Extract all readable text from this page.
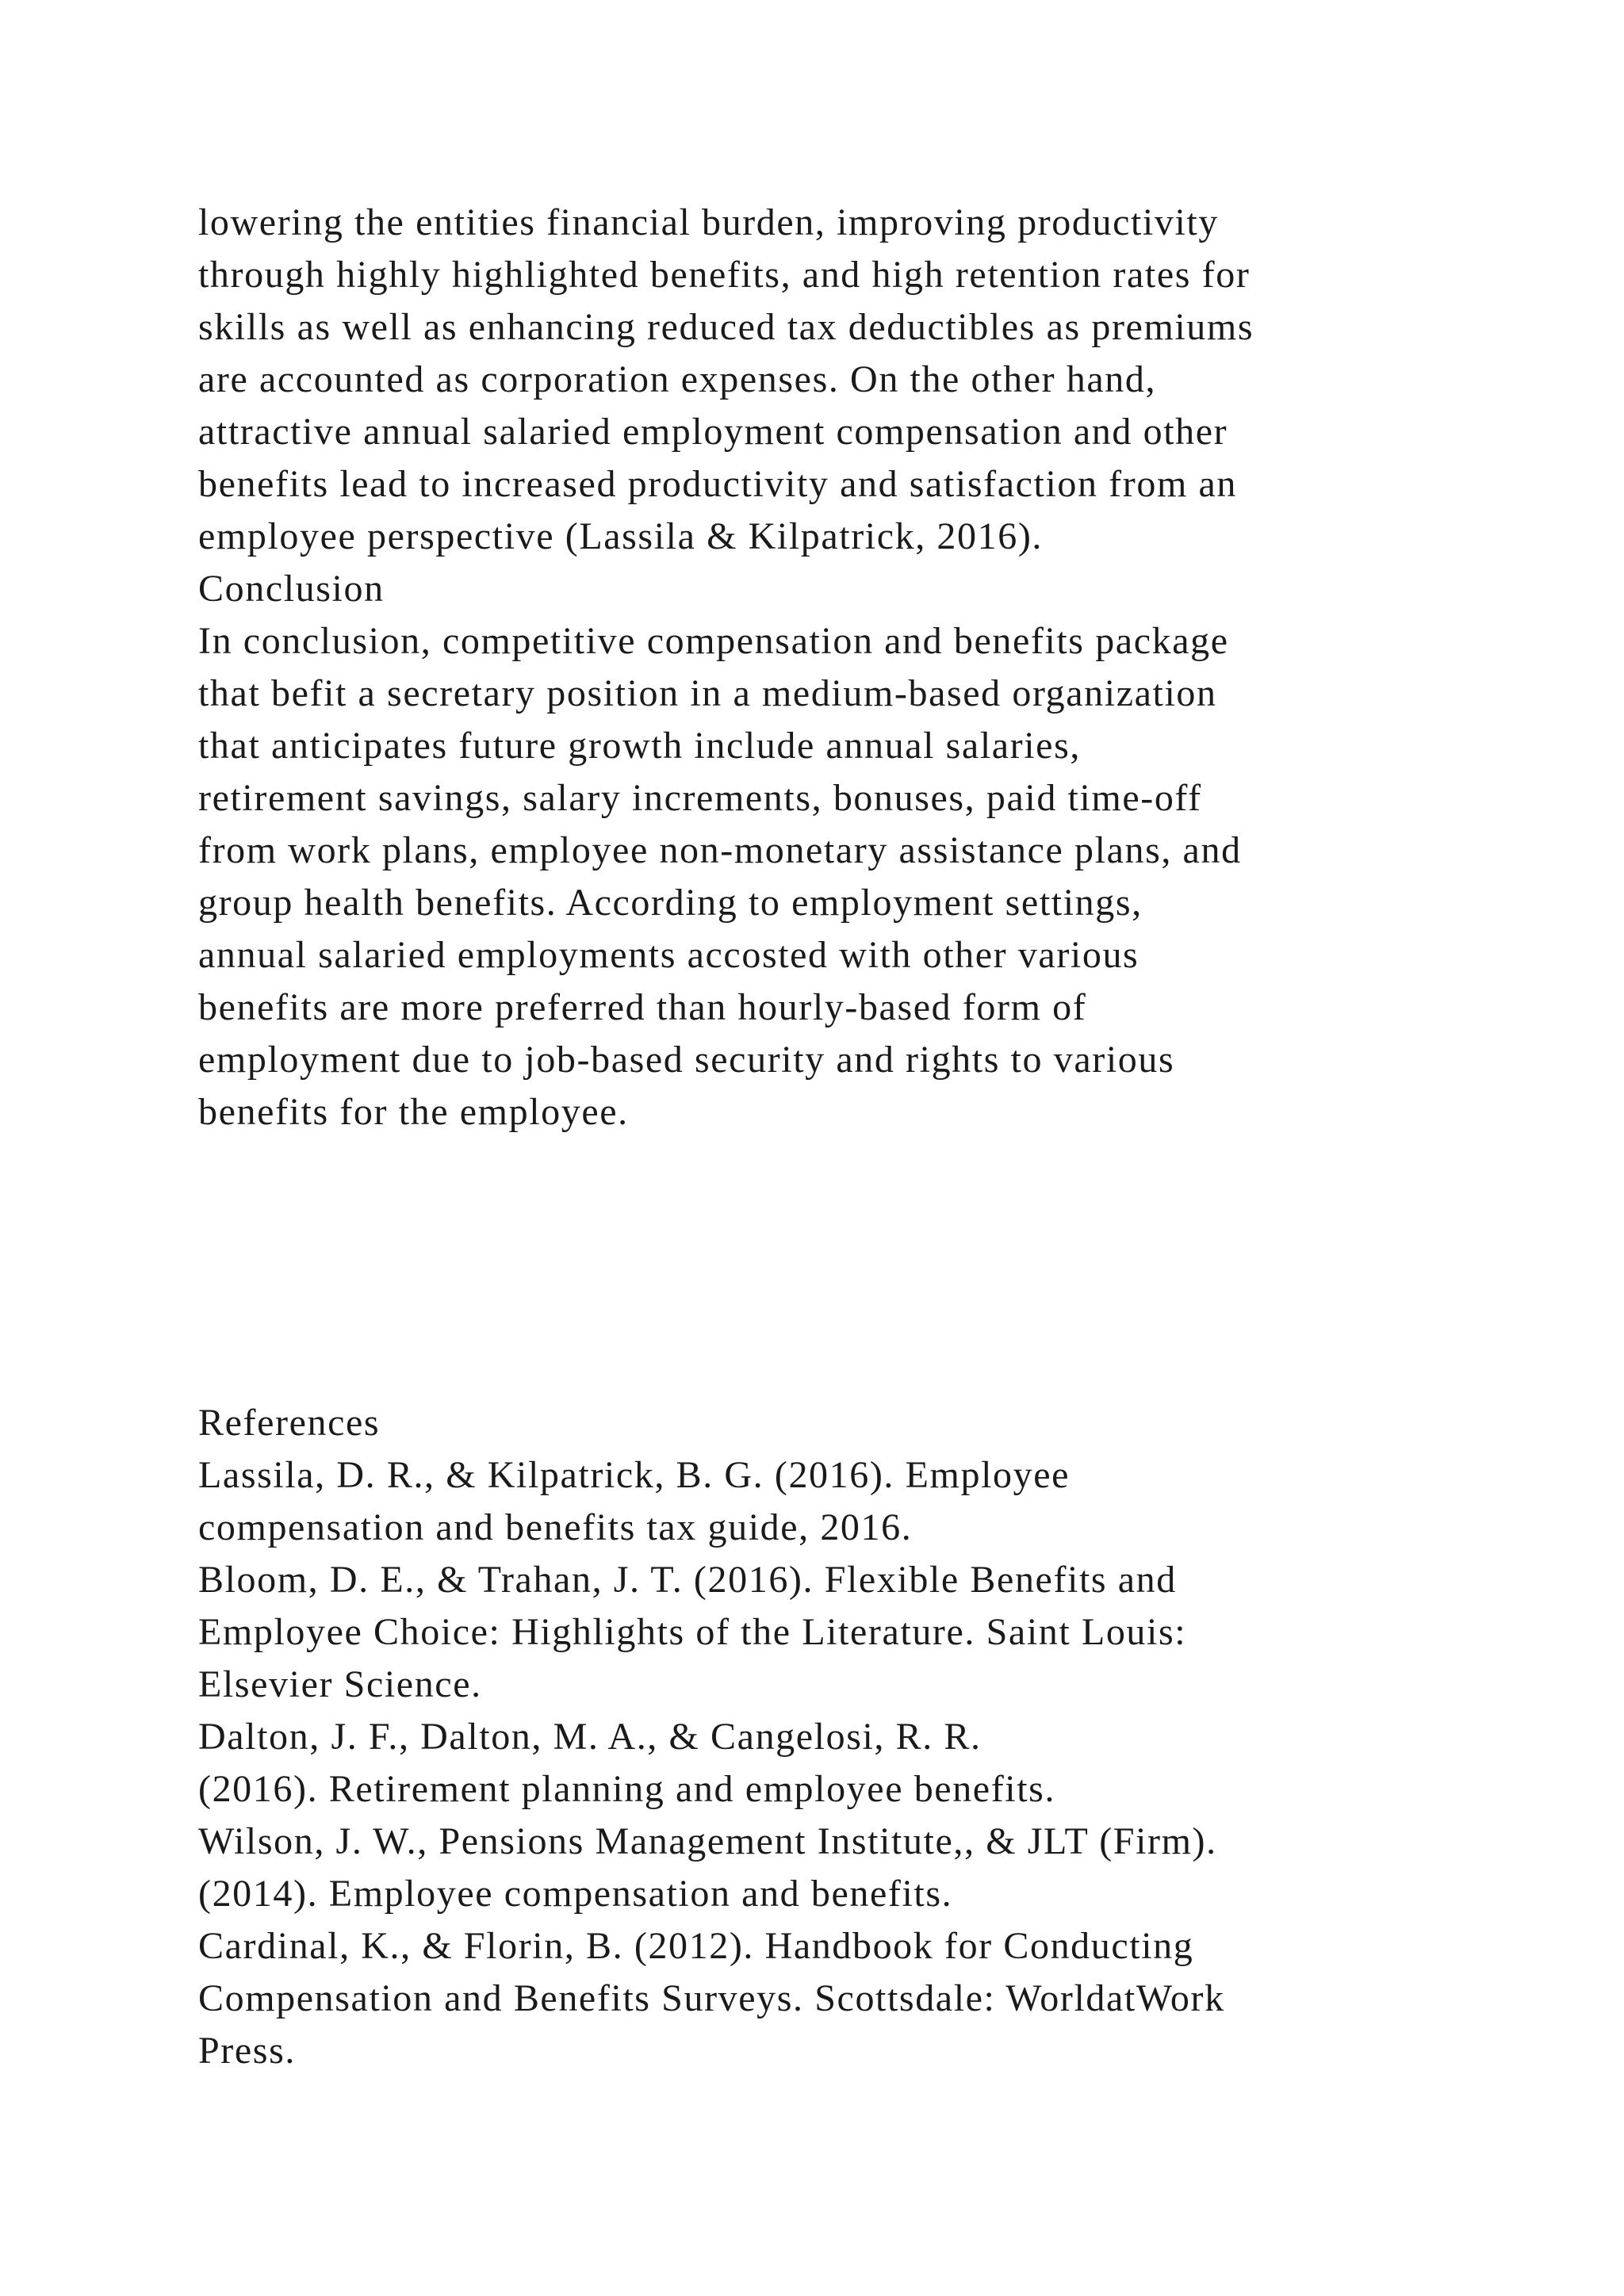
lowering the entities financial burden, improving productivity
through highly highlighted benefits, and high retention rates for
skills as well as enhancing reduced tax deductibles as premiums
are accounted as corporation expenses. On the other hand,
attractive annual salaried employment compensation and other
benefits lead to increased productivity and satisfaction from an
employee perspective (Lassila & Kilpatrick, 2016).
Conclusion
In conclusion, competitive compensation and benefits package
that befit a secretary position in a medium-based organization
that anticipates future growth include annual salaries,
retirement savings, salary increments, bonuses, paid time-off
from work plans, employee non-monetary assistance plans, and
group health benefits. According to employment settings,
annual salaried employments accosted with other various
benefits are more preferred than hourly-based form of
employment due to job-based security and rights to various
benefits for the employee.
References
Lassila, D. R., & Kilpatrick, B. G. (2016). Employee
compensation and benefits tax guide, 2016.
Bloom, D. E., & Trahan, J. T. (2016). Flexible Benefits and
Employee Choice: Highlights of the Literature. Saint Louis:
Elsevier Science.
Dalton, J. F., Dalton, M. A., & Cangelosi, R. R.
(2016). Retirement planning and employee benefits.
Wilson, J. W., Pensions Management Institute,, & JLT (Firm).
(2014). Employee compensation and benefits.
Cardinal, K., & Florin, B. (2012). Handbook for Conducting
Compensation and Benefits Surveys. Scottsdale: WorldatWork
Press.
